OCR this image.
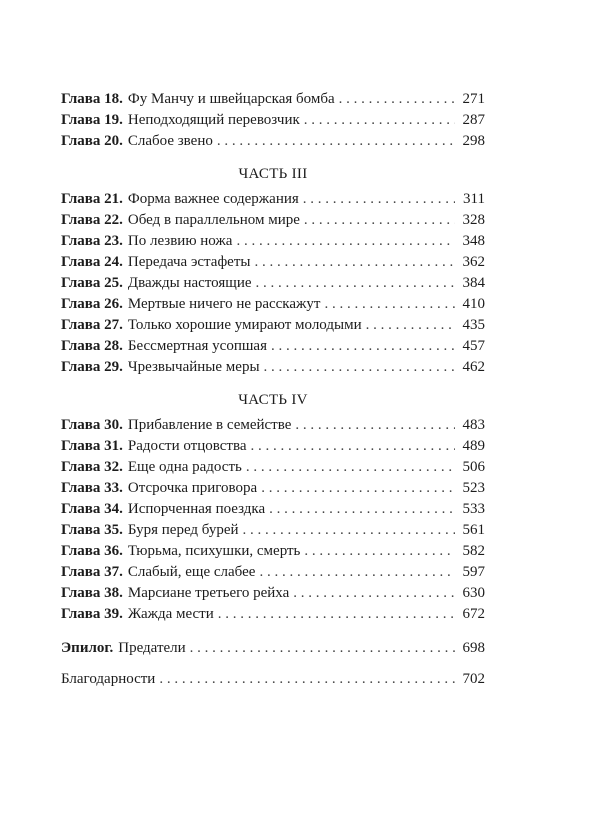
Глава 18. Фу Манчу и швейцарская бомба . . .	271
Глава 19. Неподходящий перевозчик . . .	287
Глава 20. Слабое звено . . .	298
ЧАСТЬ III
Глава 21. Форма важнее содержания . . .	311
Глава 22. Обед в параллельном мире . . .	328
Глава 23. По лезвию ножа . . .	348
Глава 24. Передача эстафеты . . .	362
Глава 25. Дважды настоящие . . .	384
Глава 26. Мертвые ничего не расскажут . . .	410
Глава 27. Только хорошие умирают молодыми . . .	435
Глава 28. Бессмертная усопшая . . .	457
Глава 29. Чрезвычайные меры . . .	462
ЧАСТЬ IV
Глава 30. Прибавление в семействе . . .	483
Глава 31. Радости отцовства . . .	489
Глава 32. Еще одна радость . . .	506
Глава 33. Отсрочка приговора . . .	523
Глава 34. Испорченная поездка . . .	533
Глава 35. Буря перед бурей . . .	561
Глава 36. Тюрьма, психушки, смерть . . .	582
Глава 37. Слабый, еще слабее . . .	597
Глава 38. Марсиане третьего рейха . . .	630
Глава 39. Жажда мести . . .	672
Эпилог. Предатели . . .	698
Благодарности . . .	702
